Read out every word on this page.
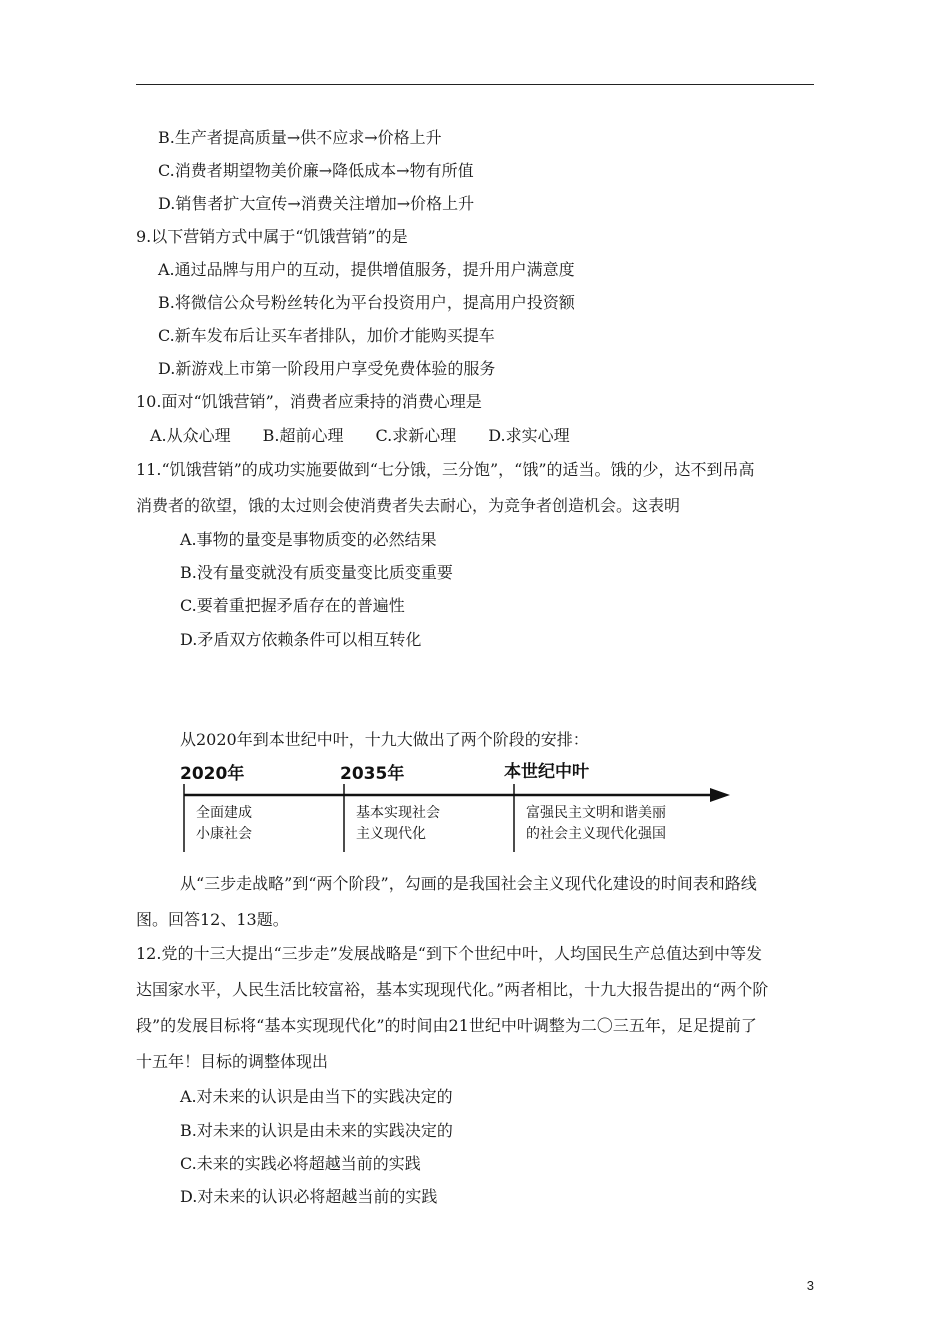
B.生产者提高质量→供不应求→价格上升
C.消费者期望物美价廉→降低成本→物有所值
D.销售者扩大宣传→消费关注增加→价格上升
9.以下营销方式中属于“饥饿营销”的是
A.通过品牌与用户的互动，提供增值服务，提升用户满意度
B.将微信公众号粉丝转化为平台投资用户，提高用户投资额
C.新车发布后让买车者排队，加价才能购买提车
D.新游戏上市第一阶段用户享受免费体验的服务
10.面对“饥饿营销”，消费者应秉持的消费心理是
A.从众心理　　B.超前心理　　C.求新心理　　D.求实心理
11.“饥饿营销”的成功实施要做到“七分饿，三分饱”，“饿”的适当。饿的少，达不到吊高
消费者的欲望，饿的太过则会使消费者失去耐心，为竞争者创造机会。这表明
A.事物的量变是事物质变的必然结果
B.没有量变就没有质变量变比质变重要
C.要着重把握矛盾存在的普遍性
D.矛盾双方依赖条件可以相互转化
从2020年到本世纪中叶，十九大做出了两个阶段的安排：
2020年	2035年	本世纪中叶
全面建成
小康社会
基本实现社会
主义现代化
富强民主文明和谐美丽
的社会主义现代化强国
从“三步走战略”到“两个阶段”，勾画的是我国社会主义现代化建设的时间表和路线
图。回答12、13题。
12.党的十三大提出“三步走”发展战略是“到下个世纪中叶，人均国民生产总值达到中等发
达国家水平，人民生活比较富裕，基本实现现代化。”两者相比，十九大报告提出的“两个阶
段”的发展目标将“基本实现现代化”的时间由21世纪中叶调整为二〇三五年，足足提前了
十五年！目标的调整体现出
A.对未来的认识是由当下的实践决定的
B.对未来的认识是由未来的实践决定的
C.未来的实践必将超越当前的实践
D.对未来的认识必将超越当前的实践
3
